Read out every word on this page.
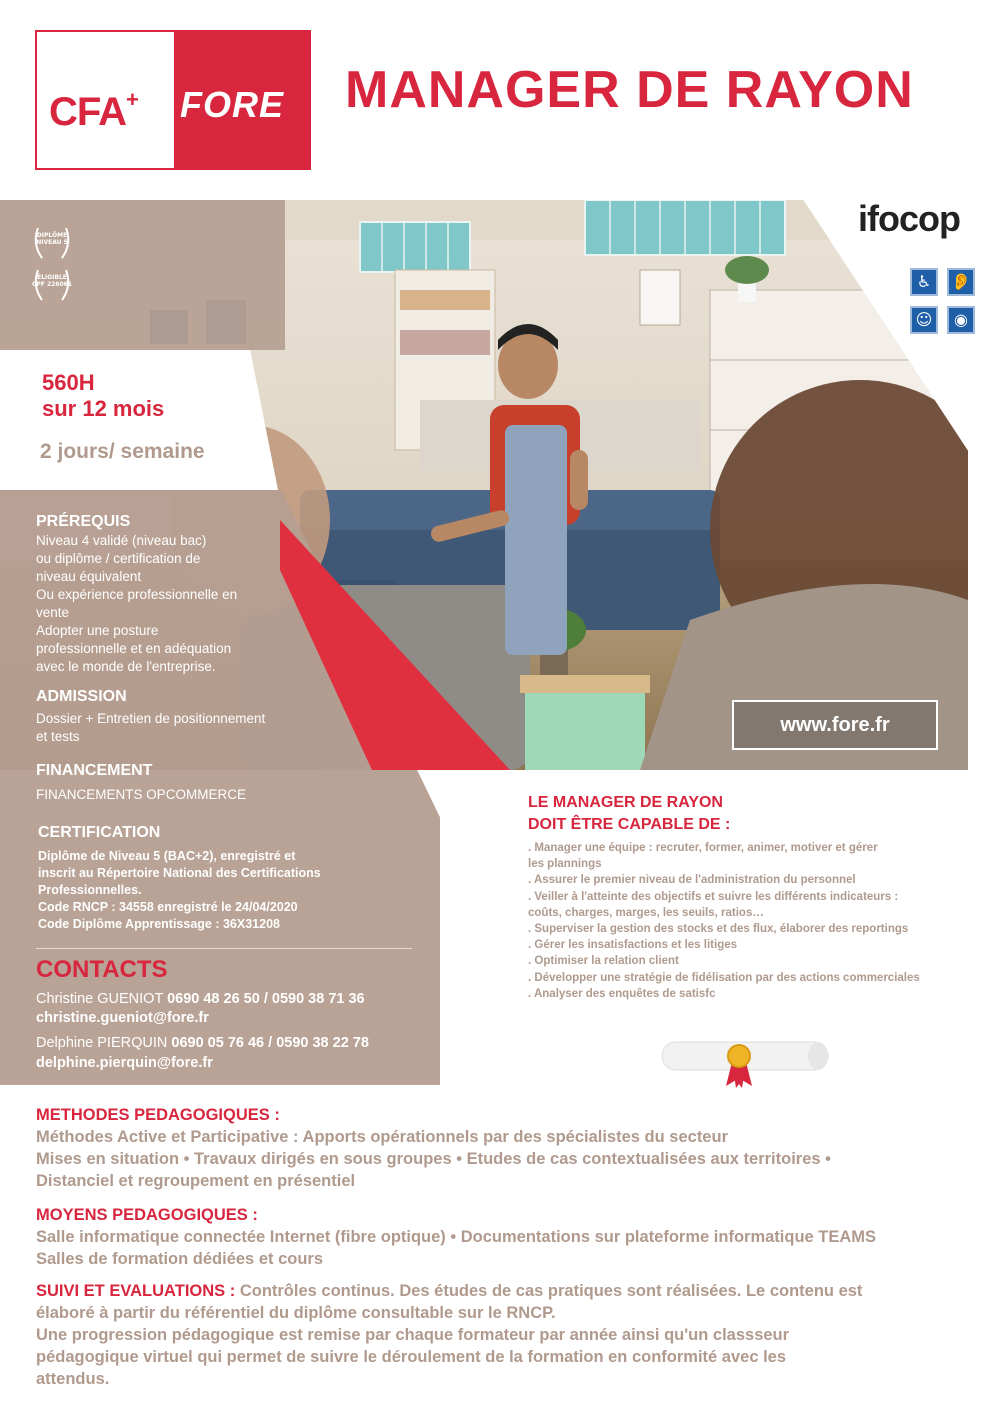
CFA+ FORE MANAGER DE RAYON
DIPLÔME NIVEAU 5
ÉLIGIBLE CPF 226061
560H
sur 12 mois
2 jours/ semaine
PRÉREQUIS
Niveau 4 validé (niveau bac)
ou diplôme / certification de
niveau équivalent
Ou expérience professionnelle en
vente
Adopter une posture
professionnelle et en adéquation
avec le monde de l'entreprise.
ADMISSION
Dossier + Entretien de positionnement
et tests
FINANCEMENT
FINANCEMENTS OPCOMMERCE
CERTIFICATION
Diplôme de Niveau 5 (BAC+2), enregistré et
inscrit au Répertoire National des Certifications
Professionnelles.
Code RNCP : 34558 enregistré le 24/04/2020
Code Diplôme Apprentissage : 36X31208
CONTACTS
Christine GUENIOT 0690 48 26 50 / 0590 38 71 36
christine.gueniot@fore.fr
Delphine PIERQUIN 0690 05 76 46 / 0590 38 22 78
delphine.pierquin@fore.fr
ifocop
♿	👂
☺	◉
www.fore.fr
LE MANAGER DE RAYON
DOIT ÊTRE CAPABLE DE :
. Manager une équipe : recruter, former, animer, motiver et gérer
les plannings
. Assurer le premier niveau de l'administration du personnel
. Veiller à l'atteinte des objectifs et suivre les différents indicateurs :
coûts, charges, marges, les seuils, ratios…
. Superviser la gestion des stocks et des flux, élaborer des reportings
. Gérer les insatisfactions et les litiges
. Optimiser la relation client
. Développer une stratégie de fidélisation par des actions commerciales
. Analyser des enquêtes de satisfc
METHODES PEDAGOGIQUES :
Méthodes Active et Participative : Apports opérationnels par des spécialistes du secteur
Mises en situation • Travaux dirigés en sous groupes • Etudes de cas contextualisées aux territoires •
Distanciel et regroupement en présentiel
MOYENS PEDAGOGIQUES :
Salle informatique connectée Internet (fibre optique) • Documentations sur plateforme informatique TEAMS
Salles de formation dédiées et cours
SUIVI ET EVALUATIONS : Contrôles continus. Des études de cas pratiques sont réalisées. Le contenu est
élaboré à partir du référentiel du diplôme consultable sur le RNCP.
Une progression pédagogique est remise par chaque formateur par année ainsi qu'un classseur
pédagogique virtuel qui permet de suivre le déroulement de la formation en conformité avec les
attendus.
